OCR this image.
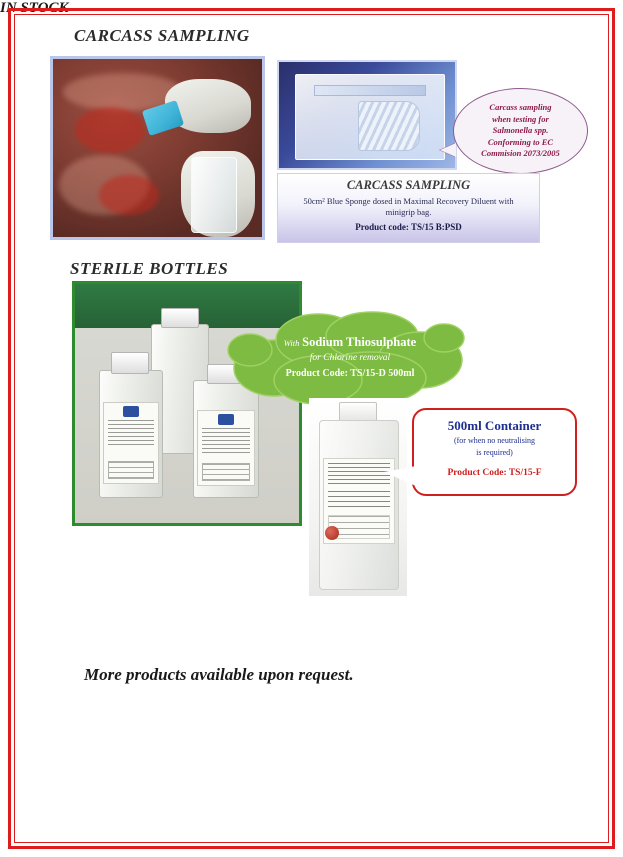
CARCASS SAMPLING
Carcass sampling
when testing for
Salmonella spp.
Conforming to EC
Commision 2073/2005
CARCASS SAMPLING
50cm² Blue Sponge dosed in Maximal Recovery Diluent with
minigrip bag.
Product code: TS/15 B:PSD
STERILE BOTTLES
With Sodium Thiosulphate
for Chlorine removal
Product Code: TS/15-D 500ml
IN STOCK
500ml Container
(for when no neutralising
is required)
Product Code: TS/15-F
More products available upon request.
